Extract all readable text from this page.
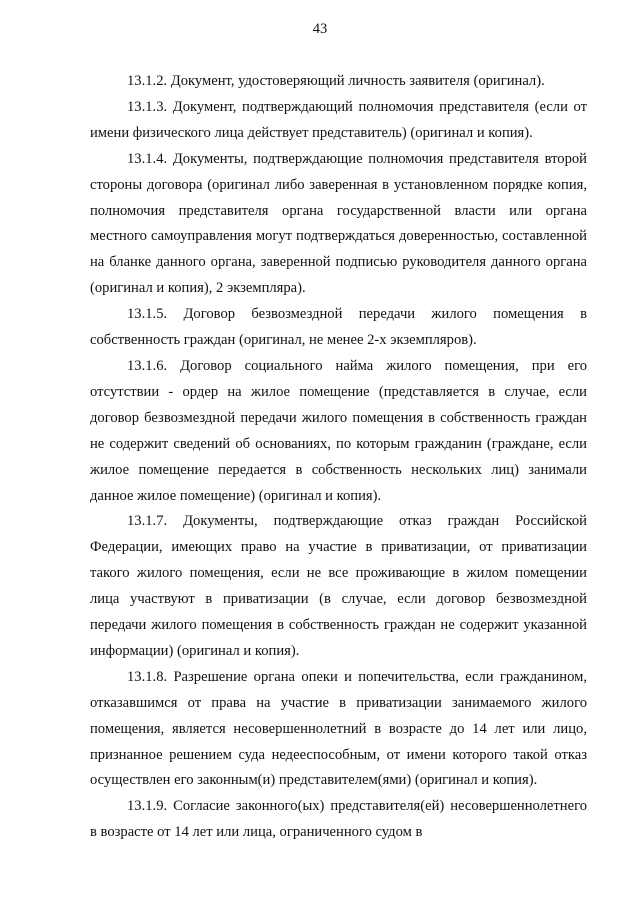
43

13.1.2. Документ, удостоверяющий личность заявителя (оригинал).

13.1.3. Документ, подтверждающий полномочия представителя (если от имени физического лица действует представитель) (оригинал и копия).

13.1.4. Документы, подтверждающие полномочия представителя второй стороны договора (оригинал либо заверенная в установленном порядке копия, полномочия представителя органа государственной власти или органа местного самоуправления могут подтверждаться доверенностью, составленной на бланке данного органа, заверенной подписью руководителя данного органа (оригинал и копия), 2 экземпляра).

13.1.5. Договор безвозмездной передачи жилого помещения в собственность граждан (оригинал, не менее 2-х экземпляров).

13.1.6. Договор социального найма жилого помещения, при его отсутствии - ордер на жилое помещение (представляется в случае, если договор безвозмездной передачи жилого помещения в собственность граждан не содержит сведений об основаниях, по которым гражданин (граждане, если жилое помещение передается в собственность нескольких лиц) занимали данное жилое помещение) (оригинал и копия).

13.1.7. Документы, подтверждающие отказ граждан Российской Федерации, имеющих право на участие в приватизации, от приватизации такого жилого помещения, если не все проживающие в жилом помещении лица участвуют в приватизации (в случае, если договор безвозмездной передачи жилого помещения в собственность граждан не содержит указанной информации) (оригинал и копия).

13.1.8. Разрешение органа опеки и попечительства, если гражданином, отказавшимся от права на участие в приватизации занимаемого жилого помещения, является несовершеннолетний в возрасте до 14 лет или лицо, признанное решением суда недееспособным, от имени которого такой отказ осуществлен его законным(и) представителем(ями) (оригинал и копия).

13.1.9. Согласие законного(ых) представителя(ей) несовершеннолетнего в возрасте от 14 лет или лица, ограниченного судом в
